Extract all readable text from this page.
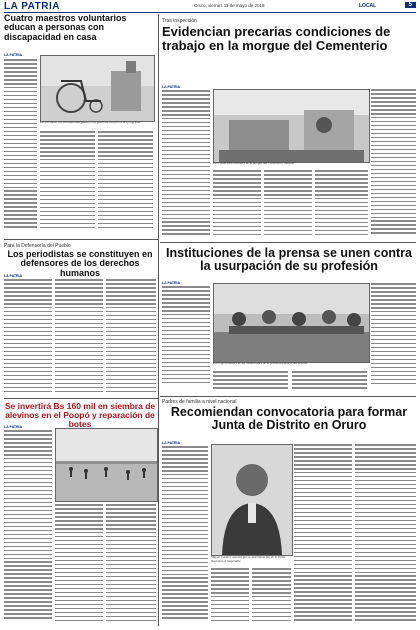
LA PATRIA	Oruro, viernes 11 de mayo de 2018	LOCAL	5
Cuatro maestros voluntarios educan a personas con discapacidad en casa
LA PATRIA
Las personas con discapacidad gozan y hoy gozan de beneficios del programa.
Tras inspección
Evidencian precarias condiciones de trabajo en la morgue del Cementerio
LA PATRIA
Las condiciones actuales de la morgue del Cementerio General.
Para la Defensoría del Pueblo
Los periodistas se constituyen en defensores de los derechos humanos
LA PATRIA
Instituciones de la prensa se unen contra la usurpación de su profesión
LA PATRIA
Los representantes de las instituciones de la prensa durante el documento.
Se invertirá Bs 160 mil en siembra de alevinos en el Poopó y reparación de botes
LA PATRIA
Padres de familia a nivel nacional
Recomiendan convocatoria para formar Junta de Distrito en Oruro
LA PATRIA
Miguel Cordero asevera que la determinación de la Junta Nacional es inapelable.
